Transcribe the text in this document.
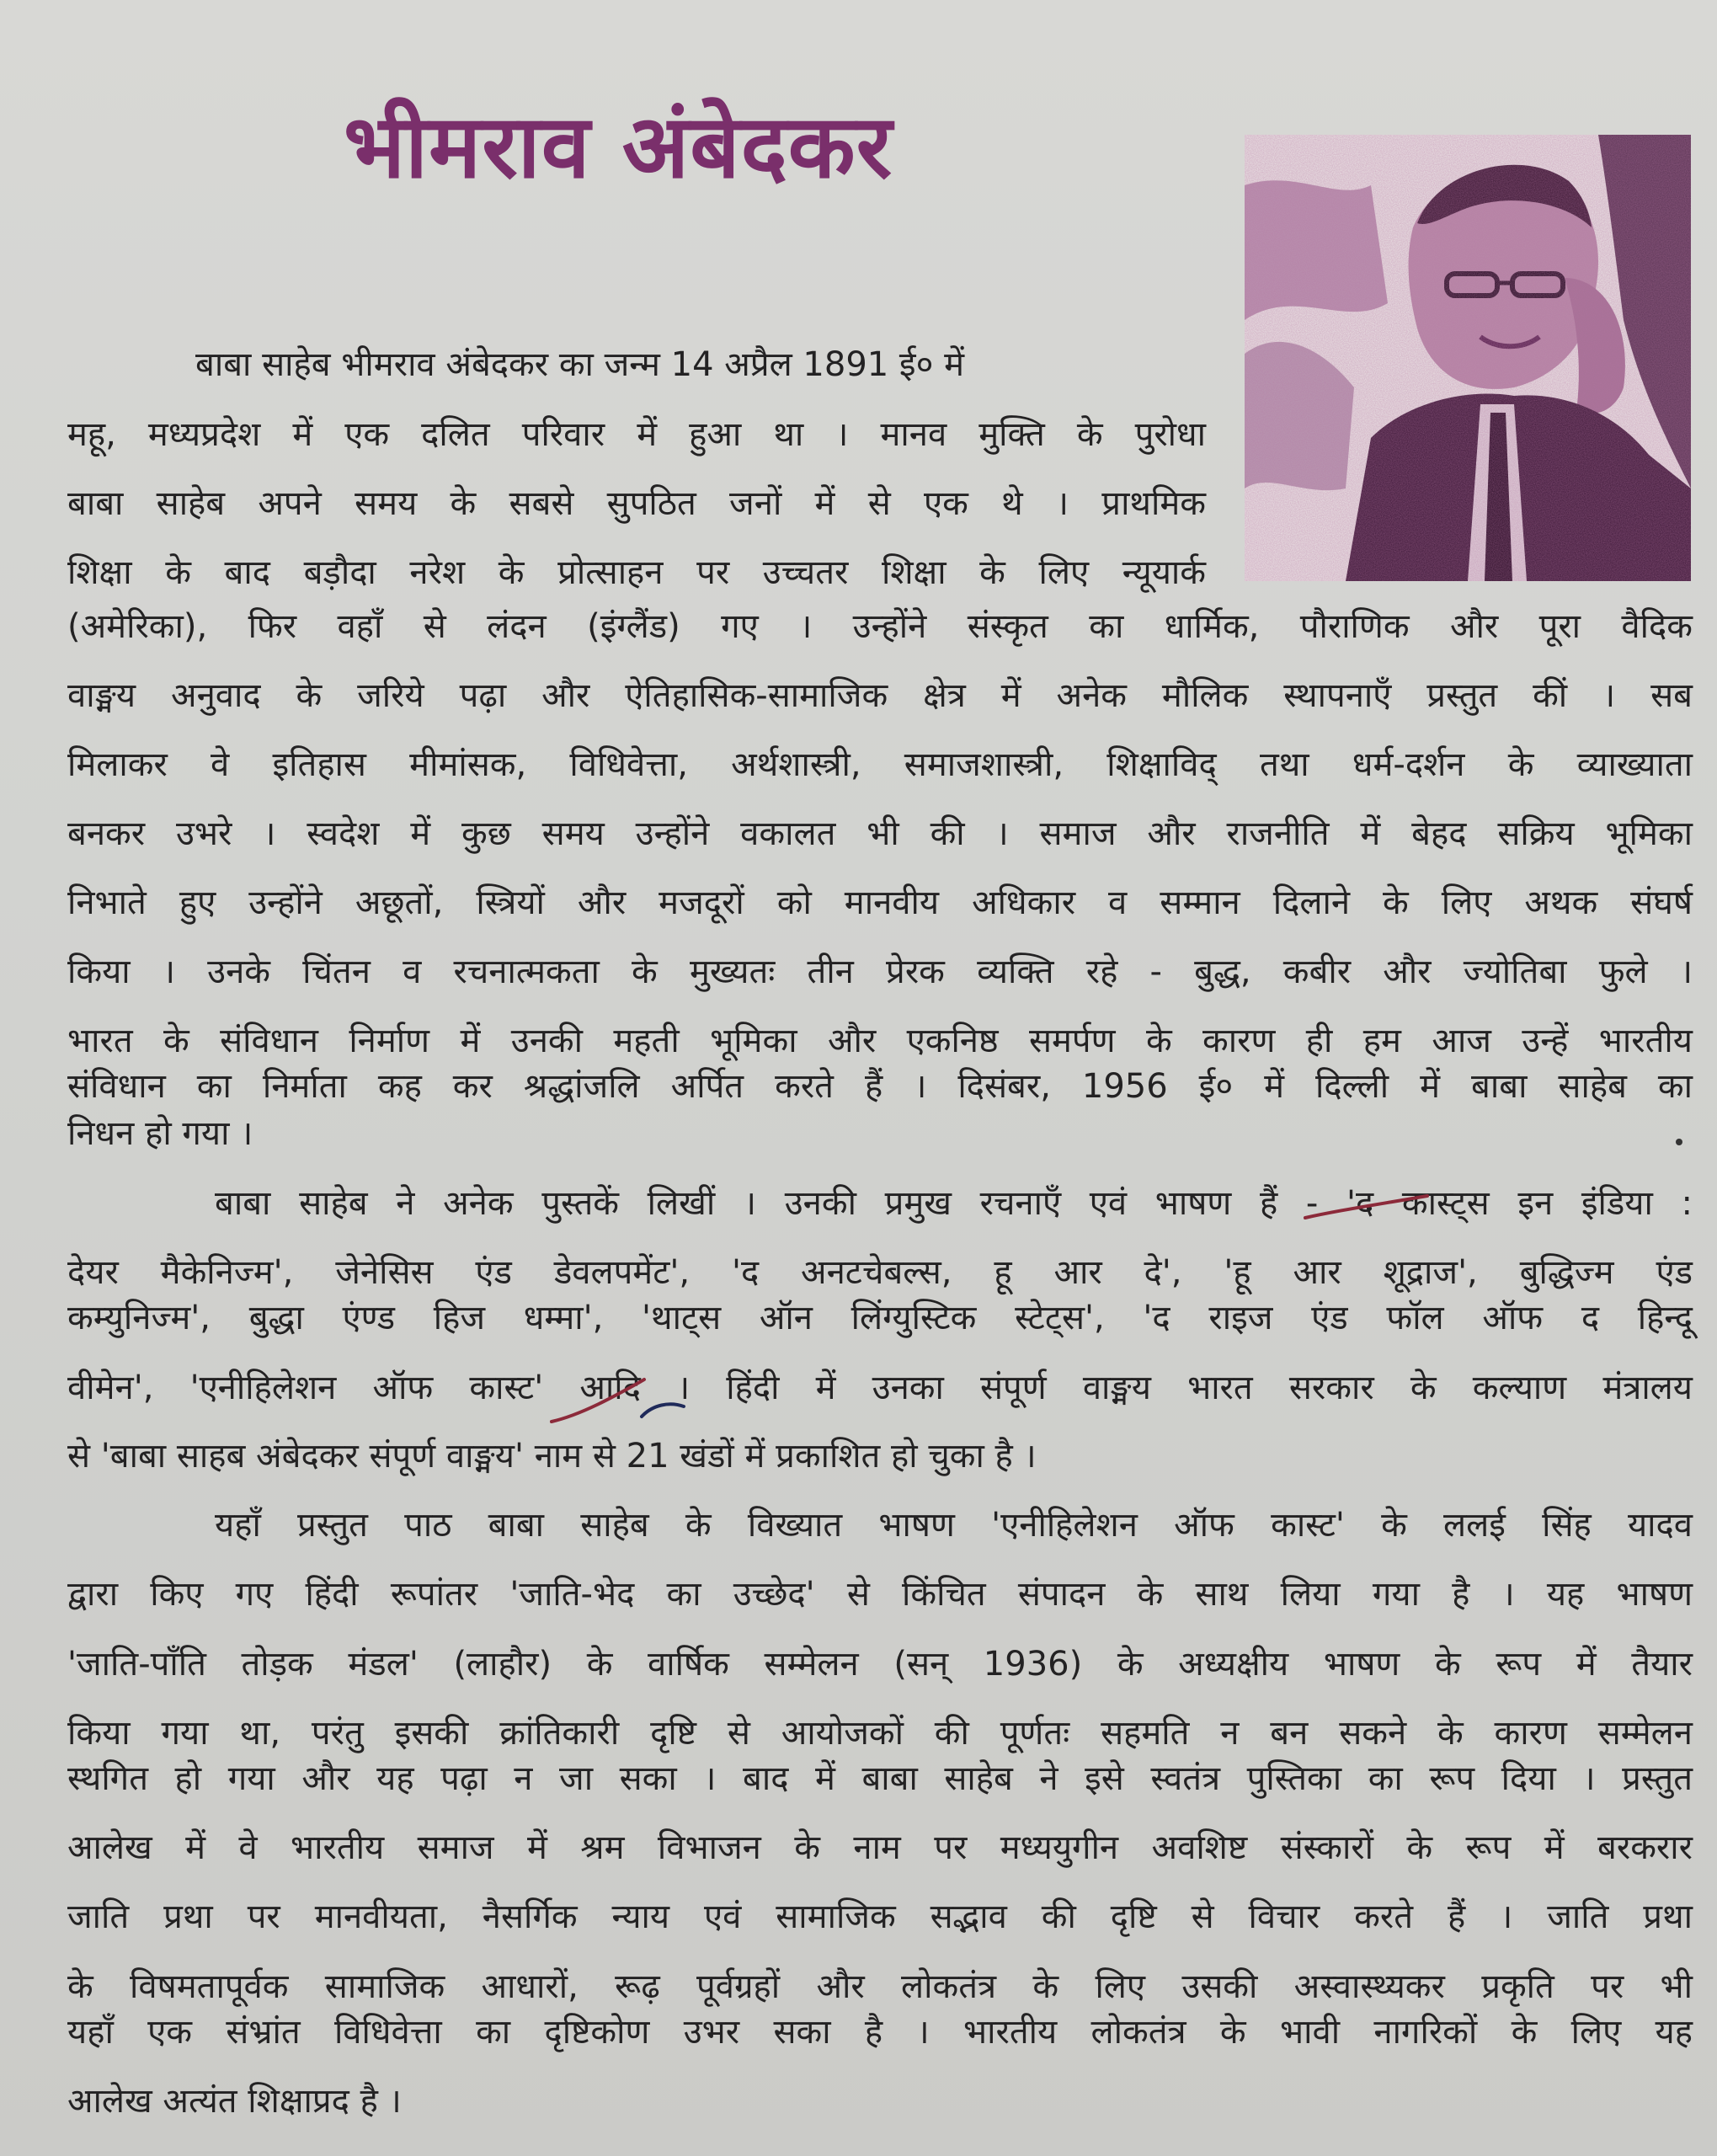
भीमराव अंबेदकर
बाबा साहेब भीमराव अंबेदकर का जन्म 14 अप्रैल 1891 ई० में
महू, मध्यप्रदेश में एक दलित परिवार में हुआ था । मानव मुक्ति के पुरोधा
बाबा साहेब अपने समय के सबसे सुपठित जनों में से एक थे । प्राथमिक
शिक्षा के बाद बड़ौदा नरेश के प्रोत्साहन पर उच्चतर शिक्षा के लिए न्यूयार्क
(अमेरिका), फिर वहाँ से लंदन (इंग्लैंड) गए । उन्होंने संस्कृत का धार्मिक, पौराणिक और पूरा वैदिक
वाङ्मय अनुवाद के जरिये पढ़ा और ऐतिहासिक-सामाजिक क्षेत्र में अनेक मौलिक स्थापनाएँ प्रस्तुत कीं । सब
मिलाकर वे इतिहास मीमांसक, विधिवेत्ता, अर्थशास्त्री, समाजशास्त्री, शिक्षाविद् तथा धर्म-दर्शन के व्याख्याता
बनकर उभरे । स्वदेश में कुछ समय उन्होंने वकालत भी की । समाज और राजनीति में बेहद सक्रिय भूमिका
निभाते हुए उन्होंने अछूतों, स्त्रियों और मजदूरों को मानवीय अधिकार व सम्मान दिलाने के लिए अथक संघर्ष
किया । उनके चिंतन व रचनात्मकता के मुख्यतः तीन प्रेरक व्यक्ति रहे - बुद्ध, कबीर और ज्योतिबा फुले ।
भारत के संविधान निर्माण में उनकी महती भूमिका और एकनिष्ठ समर्पण के कारण ही हम आज उन्हें भारतीय
संविधान का निर्माता कह कर श्रद्धांजलि अर्पित करते हैं । दिसंबर, 1956 ई० में दिल्ली में बाबा साहेब का
निधन हो गया ।
बाबा साहेब ने अनेक पुस्तकें लिखीं । उनकी प्रमुख रचनाएँ एवं भाषण हैं - 'द कास्ट्स इन इंडिया :
देयर मैकेनिज्म', जेनेसिस एंड डेवलपमेंट', 'द अनटचेबल्स, हू आर दे', 'हू आर शूद्राज', बुद्धिज्म एंड
कम्युनिज्म', बुद्धा एंण्ड हिज धम्मा', 'थाट्स ऑन लिंग्युस्टिक स्टेट्स', 'द राइज एंड फॉल ऑफ द हिन्दू
वीमेन', 'एनीहिलेशन ऑफ कास्ट' आदि । हिंदी में उनका संपूर्ण वाङ्मय भारत सरकार के कल्याण मंत्रालय
से 'बाबा साहब अंबेदकर संपूर्ण वाङ्मय' नाम से 21 खंडों में प्रकाशित हो चुका है ।
यहाँ प्रस्तुत पाठ बाबा साहेब के विख्यात भाषण 'एनीहिलेशन ऑफ कास्ट' के ललई सिंह यादव
द्वारा किए गए हिंदी रूपांतर 'जाति-भेद का उच्छेद' से किंचित संपादन के साथ लिया गया है । यह भाषण
'जाति-पाँति तोड़क मंडल' (लाहौर) के वार्षिक सम्मेलन (सन् 1936) के अध्यक्षीय भाषण के रूप में तैयार
किया गया था, परंतु इसकी क्रांतिकारी दृष्टि से आयोजकों की पूर्णतः सहमति न बन सकने के कारण सम्मेलन
स्थगित हो गया और यह पढ़ा न जा सका । बाद में बाबा साहेब ने इसे स्वतंत्र पुस्तिका का रूप दिया । प्रस्तुत
आलेख में वे भारतीय समाज में श्रम विभाजन के नाम पर मध्ययुगीन अवशिष्ट संस्कारों के रूप में बरकरार
जाति प्रथा पर मानवीयता, नैसर्गिक न्याय एवं सामाजिक सद्भाव की दृष्टि से विचार करते हैं । जाति प्रथा
के विषमतापूर्वक सामाजिक आधारों, रूढ़ पूर्वग्रहों और लोकतंत्र के लिए उसकी अस्वास्थ्यकर प्रकृति पर भी
यहाँ एक संभ्रांत विधिवेत्ता का दृष्टिकोण उभर सका है । भारतीय लोकतंत्र के भावी नागरिकों के लिए यह
आलेख अत्यंत शिक्षाप्रद है ।
